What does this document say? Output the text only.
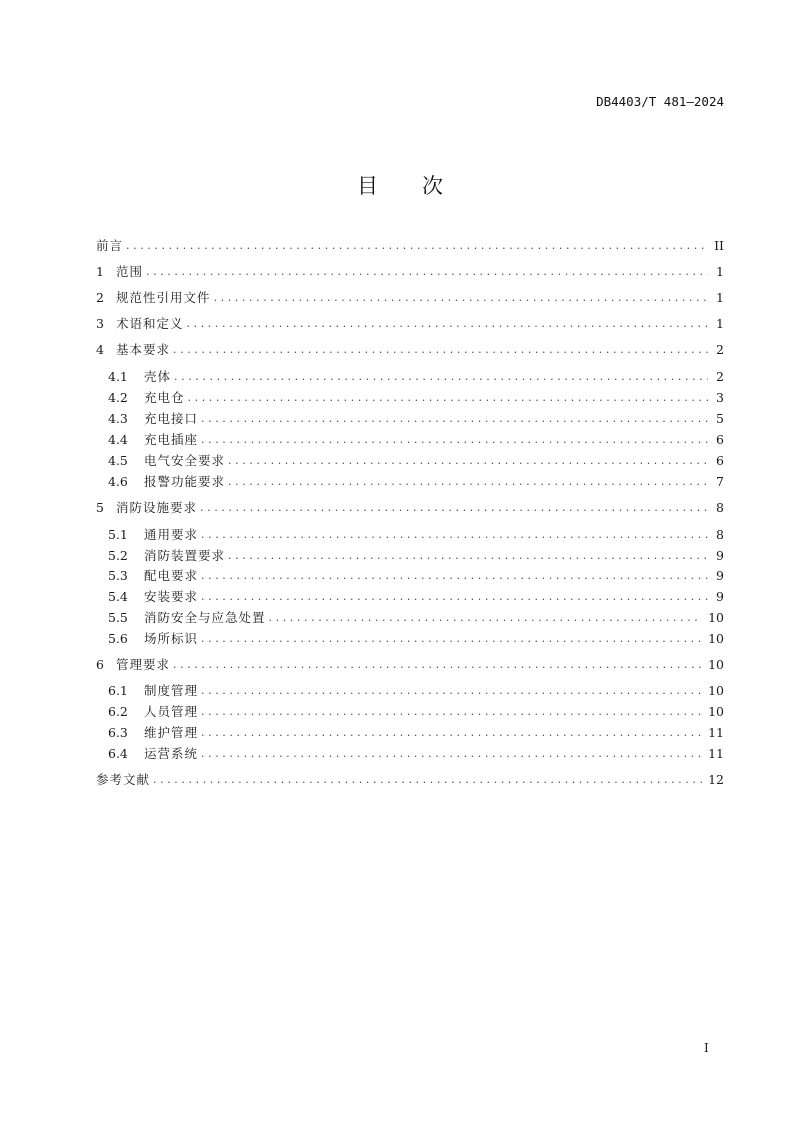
DB4403/T 481—2024
目 次
前言 .....	II
1 范围 .....	1
2 规范性引用文件 .....	1
3 术语和定义 .....	1
4 基本要求 .....	2
4.1	壳体 .....	2
4.2	充电仓 .....	3
4.3	充电接口 .....	5
4.4	充电插座 .....	6
4.5	电气安全要求 .....	6
4.6	报警功能要求 .....	7
5 消防设施要求 .....	8
5.1	通用要求 .....	8
5.2	消防装置要求 .....	9
5.3	配电要求 .....	9
5.4	安装要求 .....	9
5.5	消防安全与应急处置 .....	10
5.6	场所标识 .....	10
6 管理要求 .....	10
6.1	制度管理 .....	10
6.2	人员管理 .....	10
6.3	维护管理 .....	11
6.4	运营系统 .....	11
参考文献 .....	12
I
